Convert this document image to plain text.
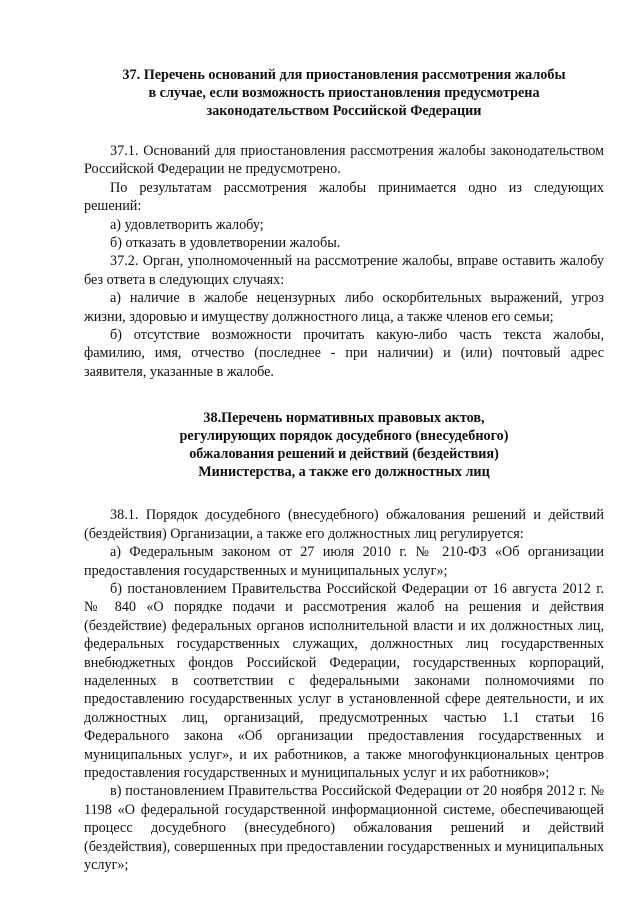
37. Перечень оснований для приостановления рассмотрения жалобы
в случае, если возможность приостановления предусмотрена
законодательством Российской Федерации

37.1. Оснований для приостановления рассмотрения жалобы законодательством Российской Федерации не предусмотрено.

По результатам рассмотрения жалобы принимается одно из следующих решений:

а) удовлетворить жалобу;

б) отказать в удовлетворении жалобы.

37.2. Орган, уполномоченный на рассмотрение жалобы, вправе оставить жалобу без ответа в следующих случаях:

а) наличие в жалобе нецензурных либо оскорбительных выражений, угроз жизни, здоровью и имуществу должностного лица, а также членов его семьи;

б) отсутствие возможности прочитать какую-либо часть текста жалобы, фамилию, имя, отчество (последнее - при наличии) и (или) почтовый адрес заявителя, указанные в жалобе.

38.Перечень нормативных правовых актов,
регулирующих порядок досудебного (внесудебного)
обжалования решений и действий (бездействия)
Министерства, а также его должностных лиц

38.1. Порядок досудебного (внесудебного) обжалования решений и действий (бездействия) Организации, а также его должностных лиц регулируется:

а) Федеральным законом от 27 июля 2010 г. № 210-ФЗ «Об организации предоставления государственных и муниципальных услуг»;

б) постановлением Правительства Российской Федерации от 16 августа 2012 г. № 840 «О порядке подачи и рассмотрения жалоб на решения и действия (бездействие) федеральных органов исполнительной власти и их должностных лиц, федеральных государственных служащих, должностных лиц государственных внебюджетных фондов Российской Федерации, государственных корпораций, наделенных в соответствии с федеральными законами полномочиями по предоставлению государственных услуг в установленной сфере деятельности, и их должностных лиц, организаций, предусмотренных частью 1.1 статьи 16 Федерального закона «Об организации предоставления государственных и муниципальных услуг», и их работников, а также многофункциональных центров предоставления государственных и муниципальных услуг и их работников»;

в) постановлением Правительства Российской Федерации от 20 ноября 2012 г. № 1198 «О федеральной государственной информационной системе, обеспечивающей процесс досудебного (внесудебного) обжалования решений и действий (бездействия), совершенных при предоставлении государственных и муниципальных услуг»;
